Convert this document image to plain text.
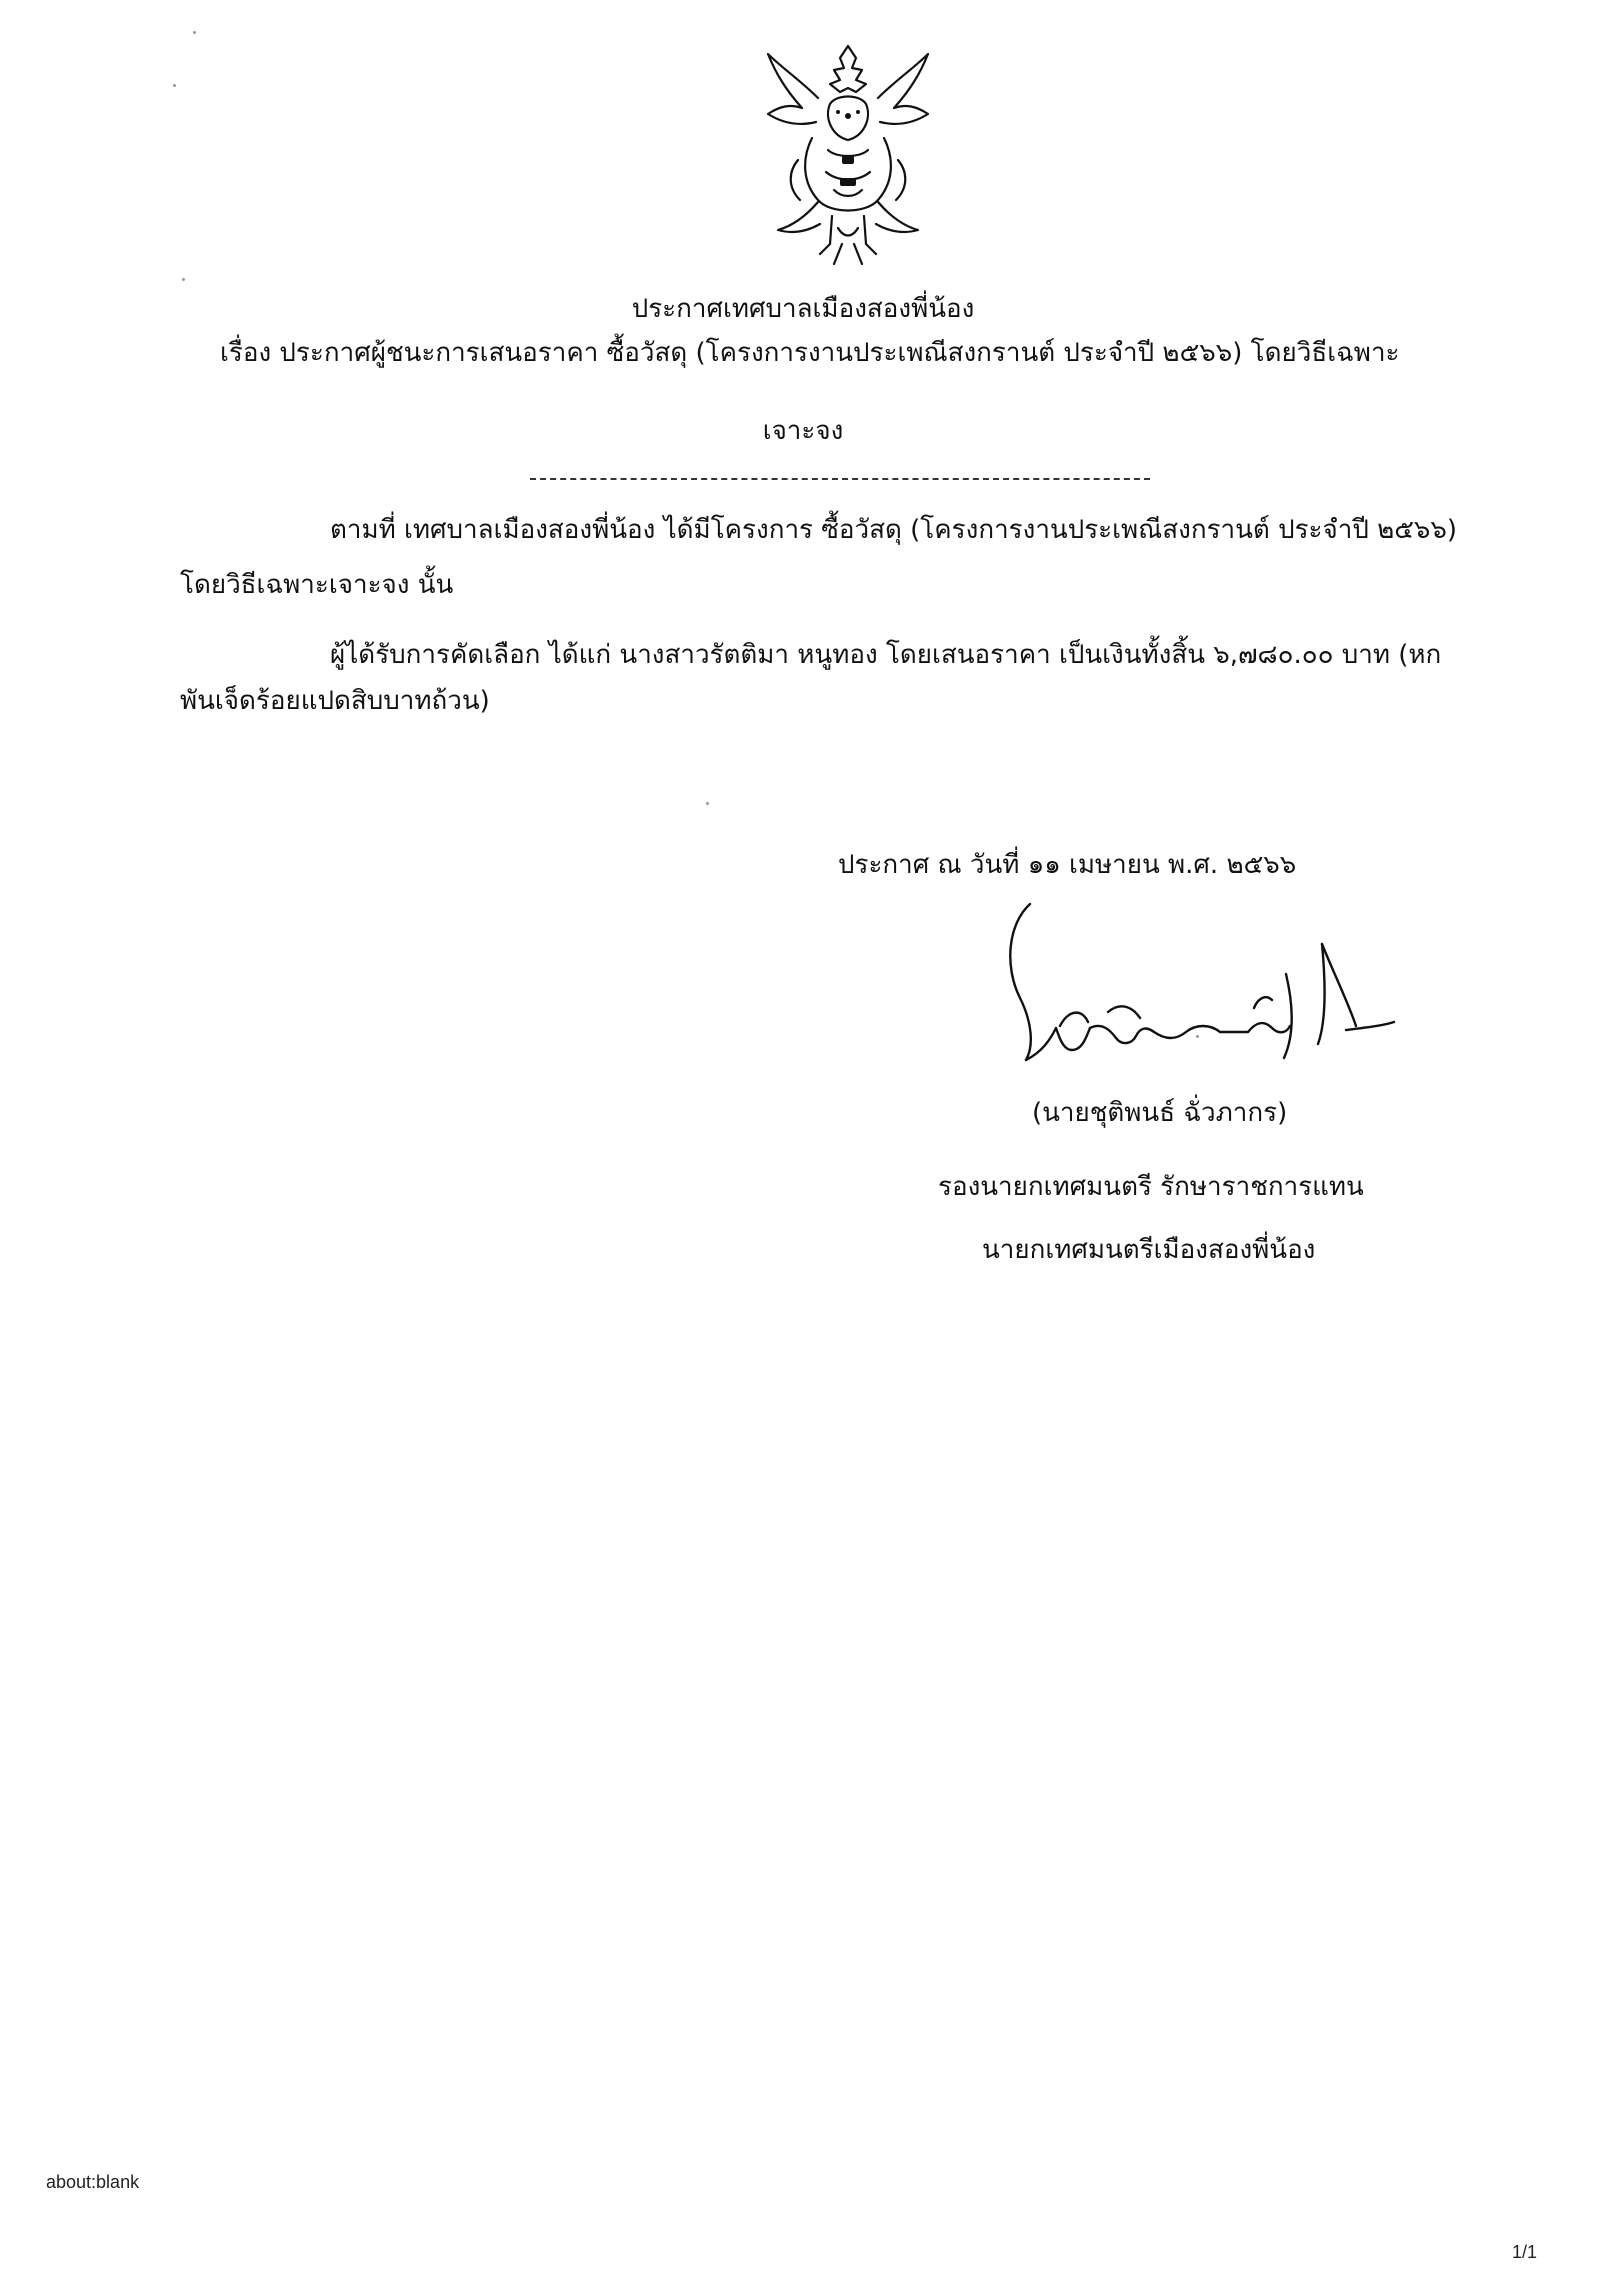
ประกาศเทศบาลเมืองสองพี่น้อง
เรื่อง ประกาศผู้ชนะการเสนอราคา ซื้อวัสดุ (โครงการงานประเพณีสงกรานต์ ประจำปี ๒๕๖๖) โดยวิธีเฉพาะ
เจาะจง
ตามที่ เทศบาลเมืองสองพี่น้อง ได้มีโครงการ ซื้อวัสดุ (โครงการงานประเพณีสงกรานต์ ประจำปี ๒๕๖๖)
โดยวิธีเฉพาะเจาะจง นั้น
ผู้ได้รับการคัดเลือก ได้แก่ นางสาวรัตติมา หนูทอง โดยเสนอราคา เป็นเงินทั้งสิ้น ๖,๗๘๐.๐๐ บาท (หก
พันเจ็ดร้อยแปดสิบบาทถ้วน)
ประกาศ ณ วันที่ ๑๑ เมษายน พ.ศ. ๒๕๖๖
(นายชุติพนธ์ ฉั่วภากร)
รองนายกเทศมนตรี รักษาราชการแทน
นายกเทศมนตรีเมืองสองพี่น้อง
about:blank
1/1
